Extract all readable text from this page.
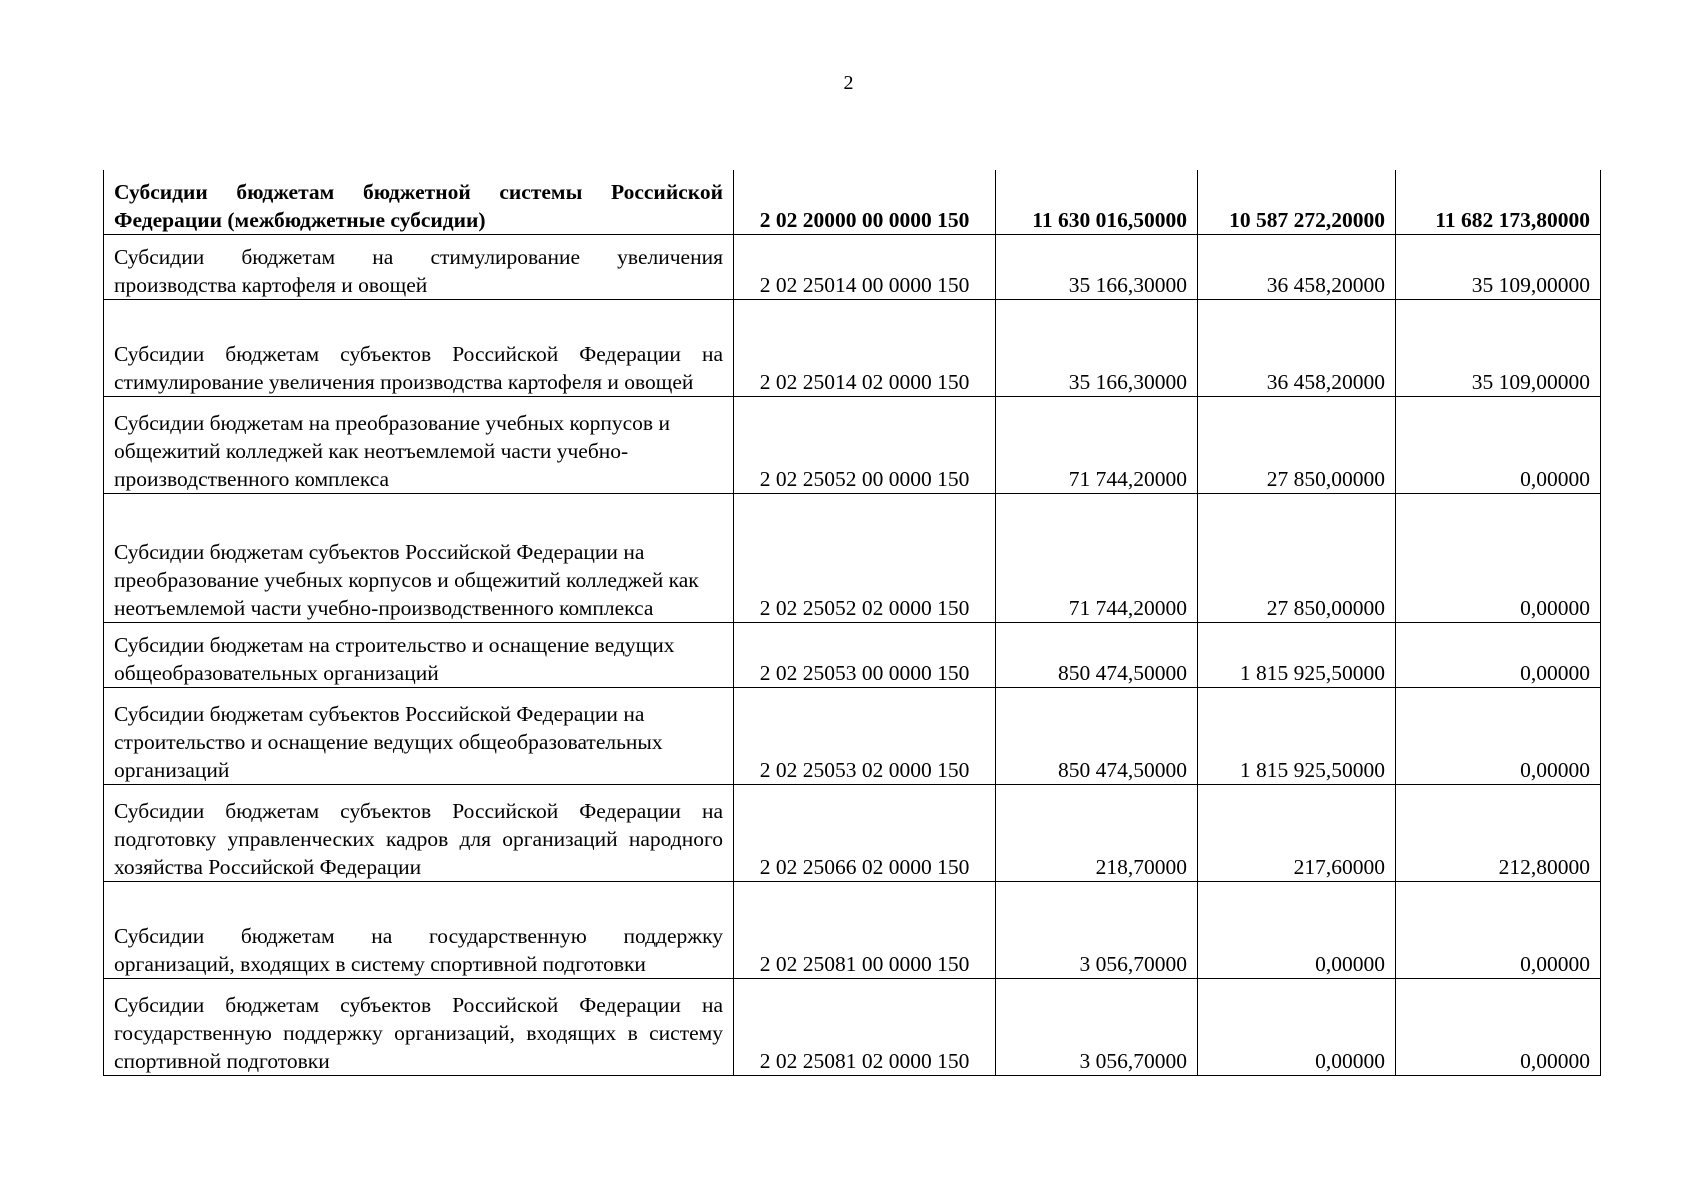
2
Субсидии бюджетам бюджетной системы Российской Федерации (межбюджетные субсидии)	2 02 20000 00 0000 150	11 630 016,50000	10 587 272,20000	11 682 173,80000
Субсидии бюджетам на стимулирование увеличения производства картофеля и овощей	2 02 25014 00 0000 150	35 166,30000	36 458,20000	35 109,00000
Субсидии бюджетам субъектов Российской Федерации на стимулирование увеличения производства картофеля и овощей	2 02 25014 02 0000 150	35 166,30000	36 458,20000	35 109,00000
Субсидии бюджетам на преобразование учебных корпусов и общежитий колледжей как неотъемлемой части учебно-производственного комплекса	2 02 25052 00 0000 150	71 744,20000	27 850,00000	0,00000
Субсидии бюджетам субъектов Российской Федерации на преобразование учебных корпусов и общежитий колледжей как неотъемлемой части учебно-производственного комплекса	2 02 25052 02 0000 150	71 744,20000	27 850,00000	0,00000
Субсидии бюджетам на строительство и оснащение ведущих общеобразовательных организаций	2 02 25053 00 0000 150	850 474,50000	1 815 925,50000	0,00000
Субсидии бюджетам субъектов Российской Федерации на строительство и оснащение ведущих общеобразовательных организаций	2 02 25053 02 0000 150	850 474,50000	1 815 925,50000	0,00000
Субсидии бюджетам субъектов Российской Федерации на подготовку управленческих кадров для организаций народного хозяйства Российской Федерации	2 02 25066 02 0000 150	218,70000	217,60000	212,80000
Субсидии бюджетам на государственную поддержку организаций, входящих в систему спортивной подготовки	2 02 25081 00 0000 150	3 056,70000	0,00000	0,00000
Субсидии бюджетам субъектов Российской Федерации на государственную поддержку организаций, входящих в систему спортивной подготовки	2 02 25081 02 0000 150	3 056,70000	0,00000	0,00000
